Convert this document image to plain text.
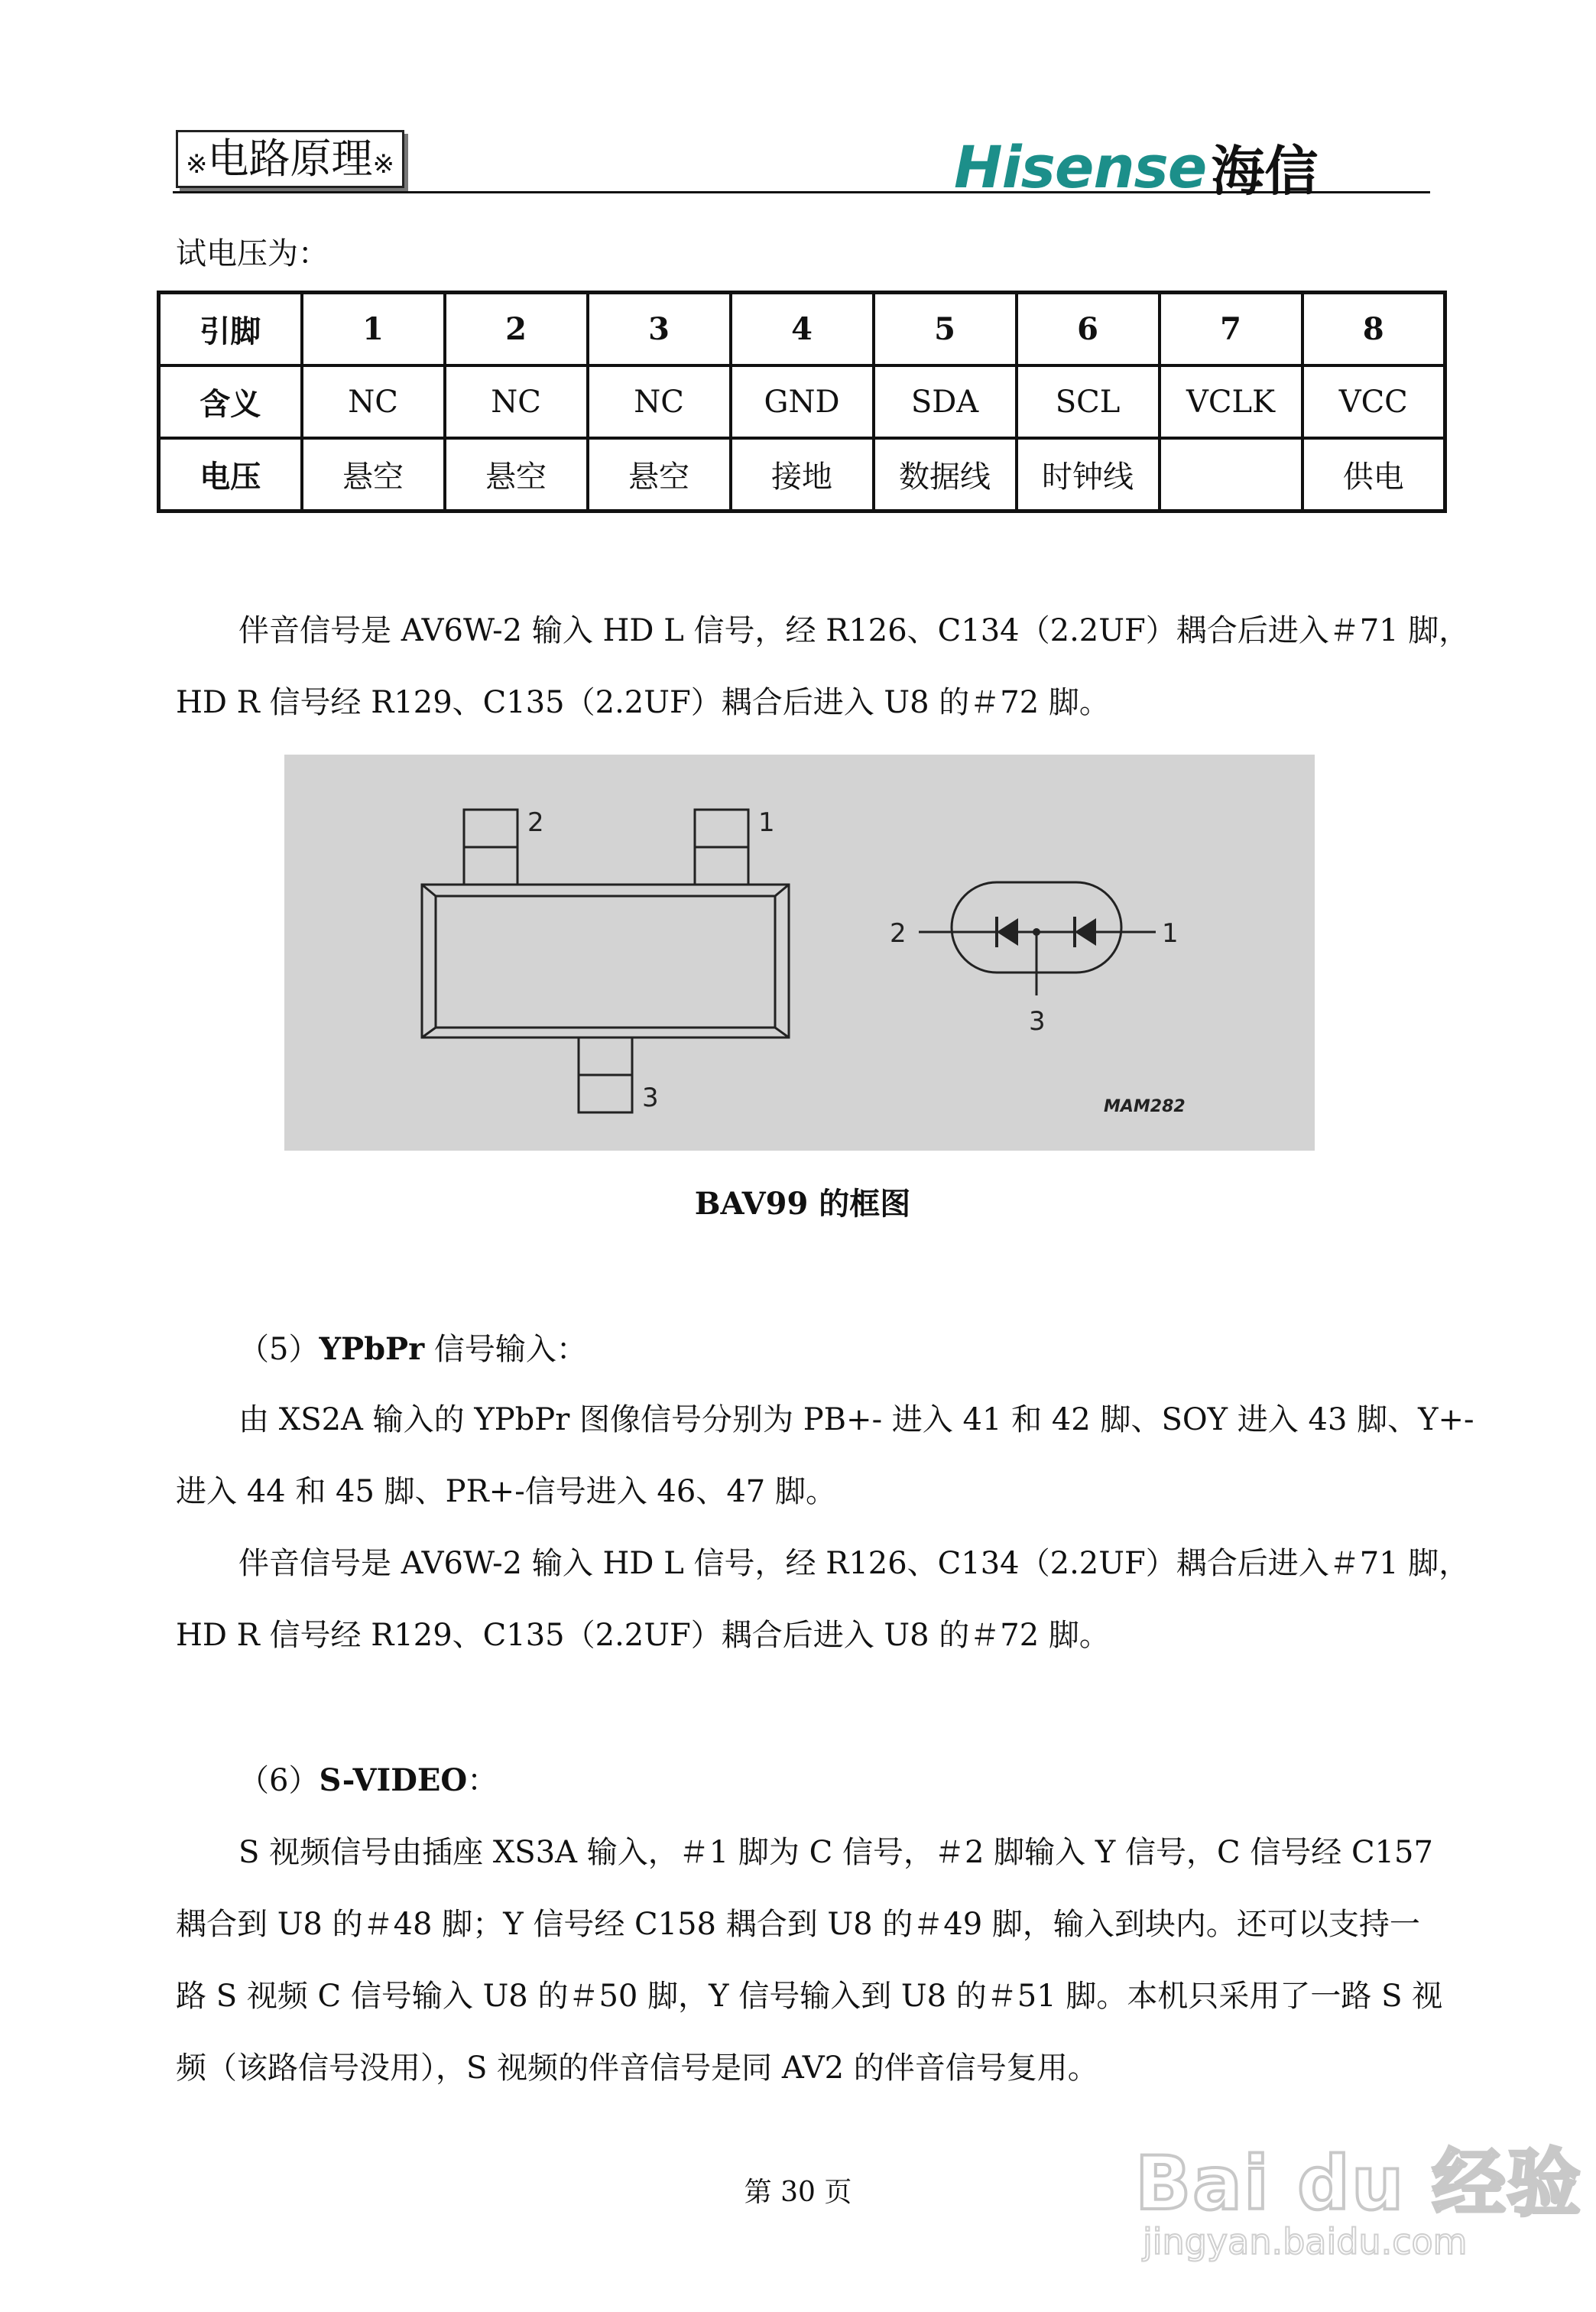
※电路原理※	Hisense海信
试电压为：
引脚	1	2	3	4	5	6	7	8
含义	NC	NC	NC	GND	SDA	SCL	VCLK	VCC
电压	悬空	悬空	悬空	接地	数据线	时钟线		供电
伴音信号是 AV6W-2 输入 HD L 信号，经 R126、C134（2.2UF）耦合后进入＃71 脚，
HD R 信号经 R129、C135（2.2UF）耦合后进入 U8 的＃72 脚。
2	1
3
2	1
3
MAM282
BAV99 的框图
（5）YPbPr 信号输入：
由 XS2A 输入的 YPbPr 图像信号分别为 PB+- 进入 41 和 42 脚、SOY 进入 43 脚、Y+-
进入 44 和 45 脚、PR+-信号进入 46、47 脚。
伴音信号是 AV6W-2 输入 HD L 信号，经 R126、C134（2.2UF）耦合后进入＃71 脚，
HD R 信号经 R129、C135（2.2UF）耦合后进入 U8 的＃72 脚。
（6）S-VIDEO：
S 视频信号由插座 XS3A 输入，＃1 脚为 C 信号，＃2 脚输入 Y 信号，C 信号经 C157
耦合到 U8 的＃48 脚；Y 信号经 C158 耦合到 U8 的＃49 脚，输入到块内。还可以支持一
路 S 视频 C 信号输入 U8 的＃50 脚，Y 信号输入到 U8 的＃51 脚。本机只采用了一路 S 视
频（该路信号没用），S 视频的伴音信号是同 AV2 的伴音信号复用。
第 30 页	Bai du 经验
jingyan.baidu.com
